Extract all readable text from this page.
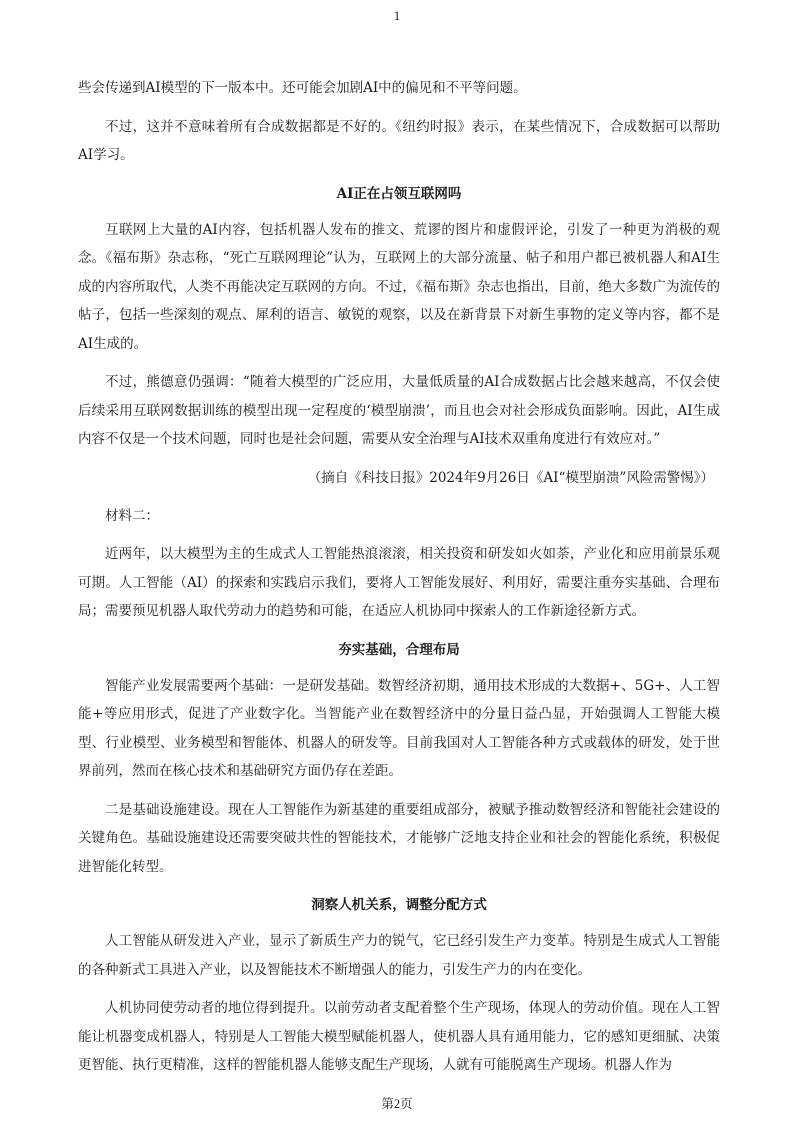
1

些会传递到AI模型的下一版本中。还可能会加剧AI中的偏见和不平等问题。

不过，这并不意味着所有合成数据都是不好的。《纽约时报》表示，在某些情况下，合成数据可以帮助AI学习。

AI正在占领互联网吗

互联网上大量的AI内容，包括机器人发布的推文、荒谬的图片和虚假评论，引发了一种更为消极的观念。《福布斯》杂志称，“死亡互联网理论”认为，互联网上的大部分流量、帖子和用户都已被机器人和AI生成的内容所取代，人类不再能决定互联网的方向。不过，《福布斯》杂志也指出，目前，绝大多数广为流传的帖子，包括一些深刻的观点、犀利的语言、敏锐的观察，以及在新背景下对新生事物的定义等内容，都不是AI生成的。

不过，熊德意仍强调：“随着大模型的广泛应用，大量低质量的AI合成数据占比会越来越高，不仅会使后续采用互联网数据训练的模型出现一定程度的‘模型崩溃’，而且也会对社会形成负面影响。因此，AI生成内容不仅是一个技术问题，同时也是社会问题，需要从安全治理与AI技术双重角度进行有效应对。”

（摘自《科技日报》2024年9月26日《AI“模型崩溃”风险需警惕》）

材料二：

近两年，以大模型为主的生成式人工智能热浪滚滚，相关投资和研发如火如荼，产业化和应用前景乐观可期。人工智能（AI）的探索和实践启示我们，要将人工智能发展好、利用好，需要注重夯实基础、合理布局；需要预见机器人取代劳动力的趋势和可能，在适应人机协同中探索人的工作新途径新方式。

夯实基础，合理布局

智能产业发展需要两个基础：一是研发基础。数智经济初期，通用技术形成的大数据+、5G+、人工智能+等应用形式，促进了产业数字化。当智能产业在数智经济中的分量日益凸显，开始强调人工智能大模型、行业模型、业务模型和智能体、机器人的研发等。目前我国对人工智能各种方式或载体的研发，处于世界前列，然而在核心技术和基础研究方面仍存在差距。

二是基础设施建设。现在人工智能作为新基建的重要组成部分，被赋予推动数智经济和智能社会建设的关键角色。基础设施建设还需要突破共性的智能技术，才能够广泛地支持企业和社会的智能化系统，积极促进智能化转型。

洞察人机关系，调整分配方式

人工智能从研发进入产业，显示了新质生产力的锐气，它已经引发生产力变革。特别是生成式人工智能的各种新式工具进入产业，以及智能技术不断增强人的能力，引发生产力的内在变化。

人机协同使劳动者的地位得到提升。以前劳动者支配着整个生产现场，体现人的劳动价值。现在人工智能让机器变成机器人，特别是人工智能大模型赋能机器人，使机器人具有通用能力，它的感知更细腻、决策更智能、执行更精准，这样的智能机器人能够支配生产现场，人就有可能脱离生产现场。机器人作为

第2页
